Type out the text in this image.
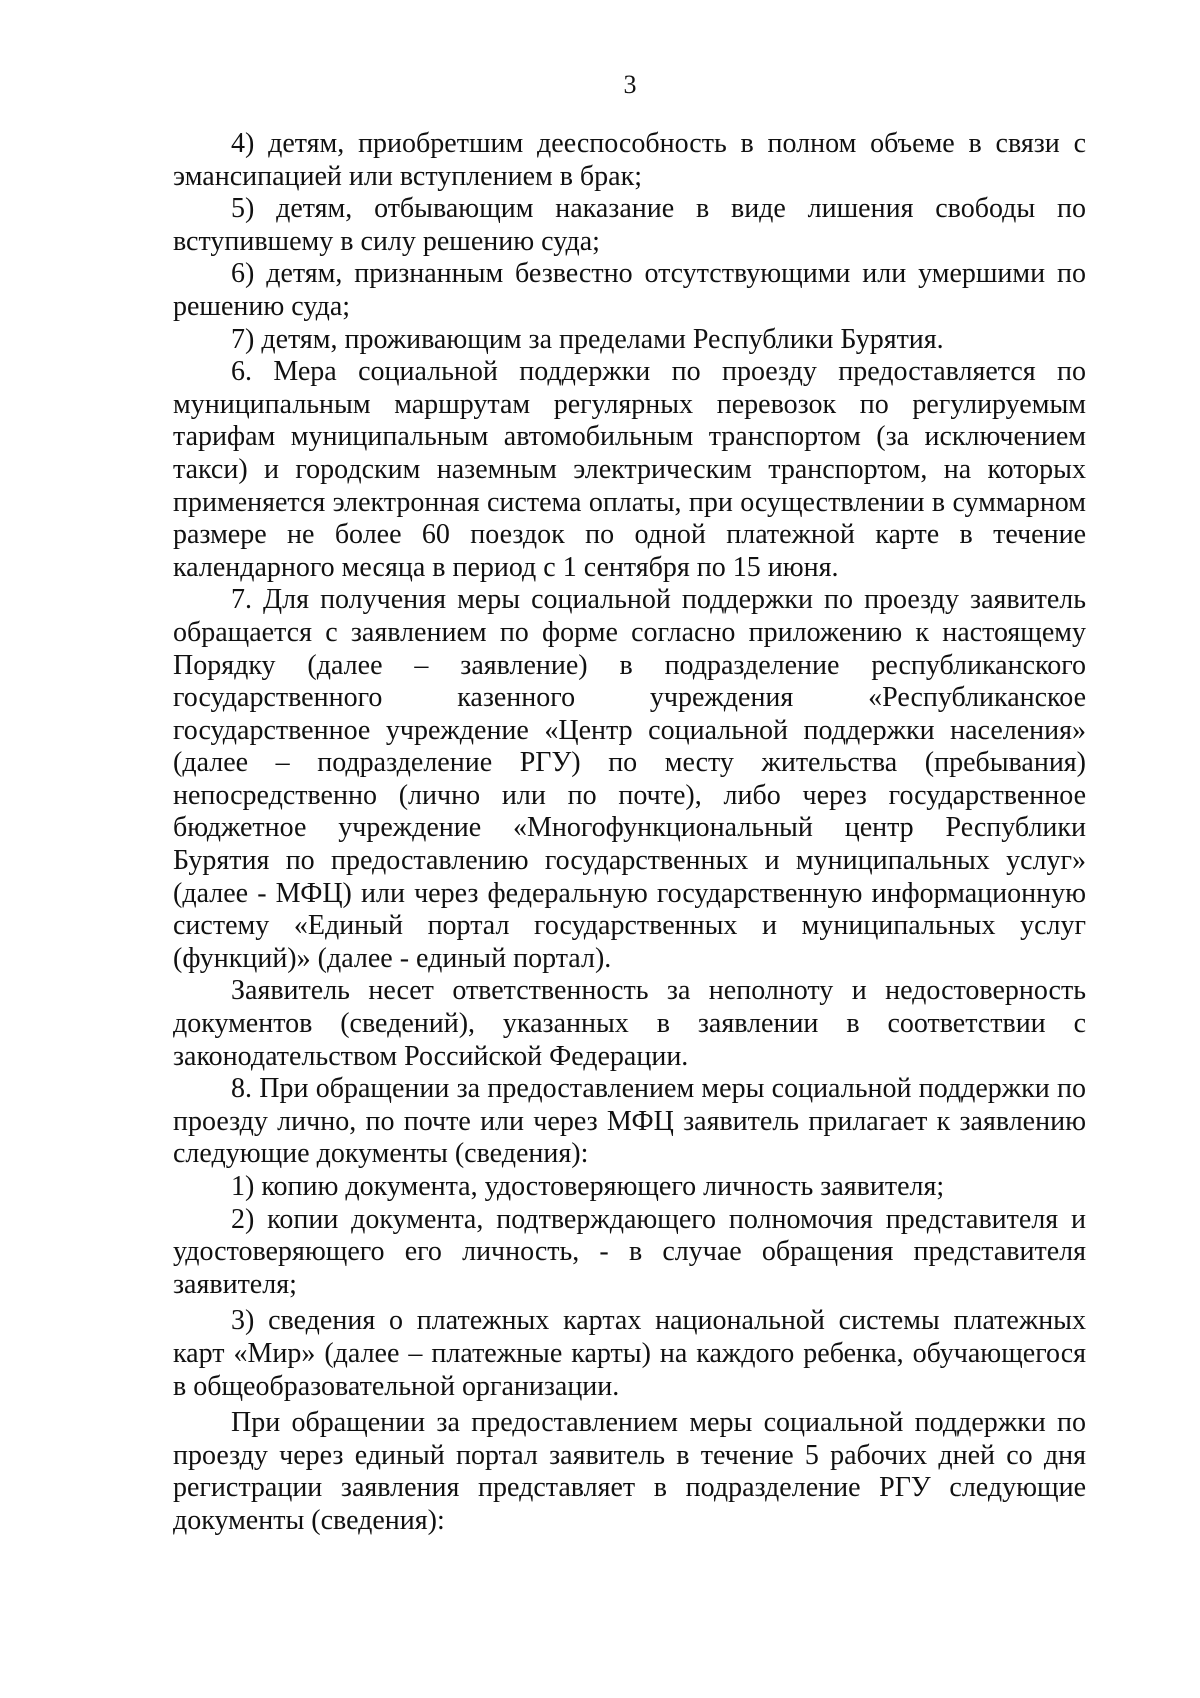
3

4) детям, приобретшим дееспособность в полном объеме в связи с эмансипацией или вступлением в брак;

5) детям, отбывающим наказание в виде лишения свободы по вступившему в силу решению суда;

6) детям, признанным безвестно отсутствующими или умершими по решению суда;

7) детям, проживающим за пределами Республики Бурятия.

6. Мера социальной поддержки по проезду предоставляется по муниципальным маршрутам регулярных перевозок по регулируемым тарифам муниципальным автомобильным транспортом (за исключением такси) и городским наземным электрическим транспортом, на которых применяется электронная система оплаты, при осуществлении в суммарном размере не более 60 поездок по одной платежной карте в течение календарного месяца в период с 1 сентября по 15 июня.

7. Для получения меры социальной поддержки по проезду заявитель обращается с заявлением по форме согласно приложению к настоящему Порядку (далее – заявление) в подразделение республиканского государственного казенного учреждения «Республиканское государственное учреждение «Центр социальной поддержки населения» (далее – подразделение РГУ) по месту жительства (пребывания) непосредственно (лично или по почте), либо через государственное бюджетное учреждение «Многофункциональный центр Республики Бурятия по предоставлению государственных и муниципальных услуг» (далее - МФЦ) или через федеральную государственную информационную систему «Единый портал государственных и муниципальных услуг (функций)» (далее - единый портал).

Заявитель несет ответственность за неполноту и недостоверность документов (сведений), указанных в заявлении в соответствии с законодательством Российской Федерации.

8. При обращении за предоставлением меры социальной поддержки по проезду лично, по почте или через МФЦ заявитель прилагает к заявлению следующие документы (сведения):

1) копию документа, удостоверяющего личность заявителя;

2) копии документа, подтверждающего полномочия представителя и удостоверяющего его личность, - в случае обращения представителя заявителя;

3) сведения о платежных картах национальной системы платежных карт «Мир» (далее – платежные карты) на каждого ребенка, обучающегося в общеобразовательной организации.

При обращении за предоставлением меры социальной поддержки по проезду через единый портал заявитель в течение 5 рабочих дней со дня регистрации заявления представляет в подразделение РГУ следующие документы (сведения):
